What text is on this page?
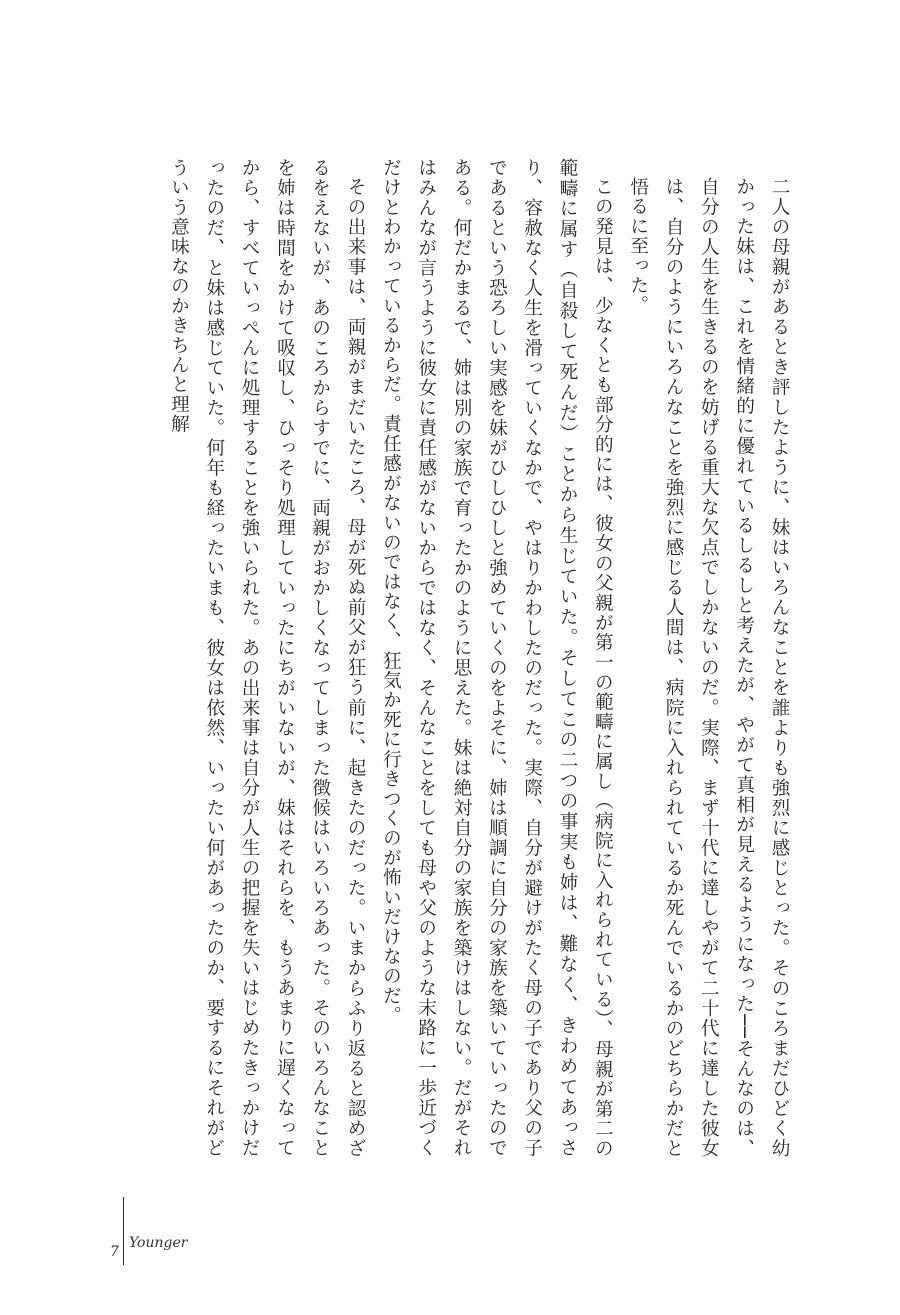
二人の母親があるとき評したように、妹はいろんなことを誰よりも強烈に感じとった。そのころまだひどく幼かった妹は、これを情緒的に優れているしるしと考えたが、やがて真相が見えるようになった──そんなのは、自分の人生を生きるのを妨げる重大な欠点でしかないのだ。実際、まず十代に達しやがて二十代に達した彼女は、自分のようにいろんなことを強烈に感じる人間は、病院に入れられているか死んでいるかのどちらかだと悟るに至った。

この発見は、少なくとも部分的には、彼女の父親が第一の範疇に属し（病院に入れられている）、母親が第二の範疇に属す（自殺して死んだ）ことから生じていた。そしてこの二つの事実も姉は、難なく、きわめてあっさり、容赦なく人生を滑っていくなかで、やはりかわしたのだった。実際、自分が避けがたく母の子であり父の子であるという恐ろしい実感を妹がひしひしと強めていくのをよそに、姉は順調に自分の家族を築いていったのである。何だかまるで、姉は別の家族で育ったかのように思えた。妹は絶対自分の家族を築けはしない。だがそれはみんなが言うように彼女に責任感がないからではなく、そんなことをしても母や父のような末路に一歩近づくだけとわかっているからだ。責任感がないのではなく、狂気か死に行きつくのが怖いだけなのだ。

その出来事は、両親がまだいたころ、母が死ぬ前父が狂う前に、起きたのだった。いまからふり返ると認めざるをえないが、あのころからすでに、両親がおかしくなってしまった徴候はいろいろあった。そのいろんなことを姉は時間をかけて吸収し、ひっそり処理していったにちがいないが、妹はそれらを、もうあまりに遅くなってから、すべていっぺんに処理することを強いられた。あの出来事は自分が人生の把握を失いはじめたきっかけだったのだ、と妹は感じていた。何年も経ったいまも、彼女は依然、いったい何があったのか、要するにそれがどういう意味なのかきちんと理解

7
Younger
